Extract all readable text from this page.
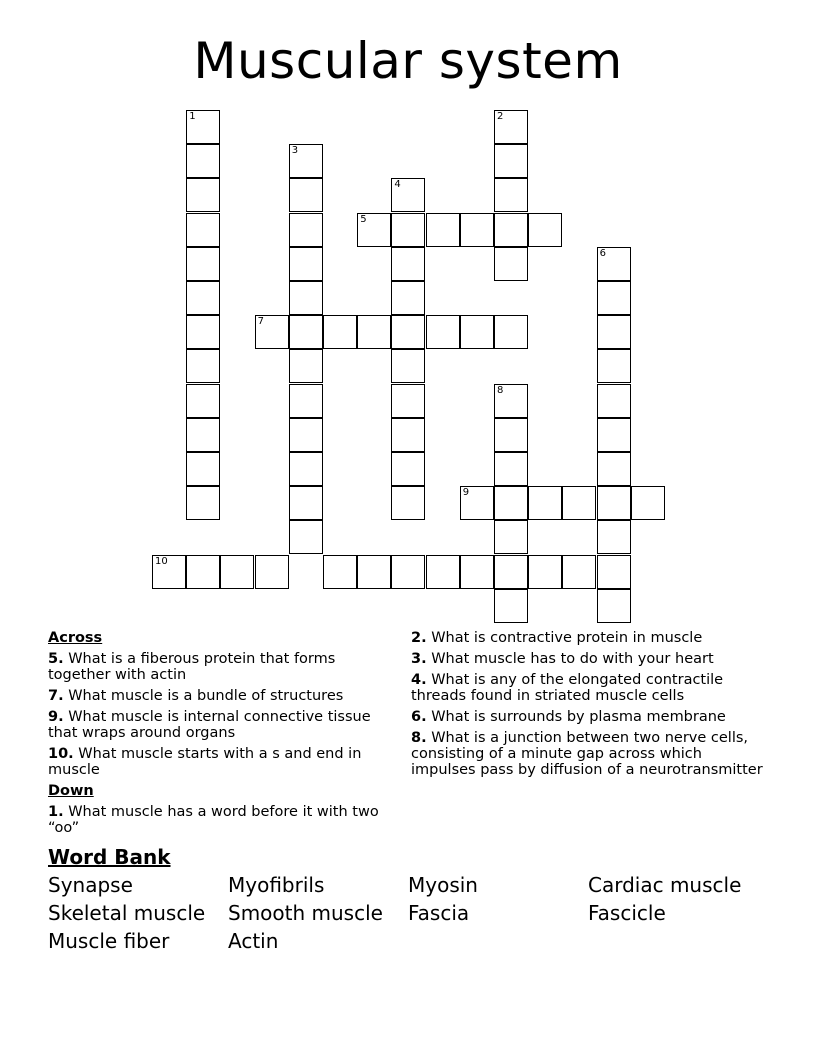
Muscular system
1	2
3
4
5
6
7
8
9
10
Across
5. What is a fiberous protein that forms together with actin
7. What muscle is a bundle of structures
9. What muscle is internal connective tissue that wraps around organs
10. What muscle starts with a s and end in muscle
Down
1. What muscle has a word before it with two “oo”
2. What is contractive protein in muscle
3. What muscle has to do with your heart
4. What is any of the elongated contractile threads found in striated muscle cells
6. What is surrounds by plasma membrane
8. What is a junction between two nerve cells, consisting of a minute gap across which impulses pass by diffusion of a neurotransmitter
Word Bank
Synapse	Myofibrils	Myosin	Cardiac muscle
Skeletal muscle	Smooth muscle	Fascia	Fascicle
Muscle fiber	Actin
